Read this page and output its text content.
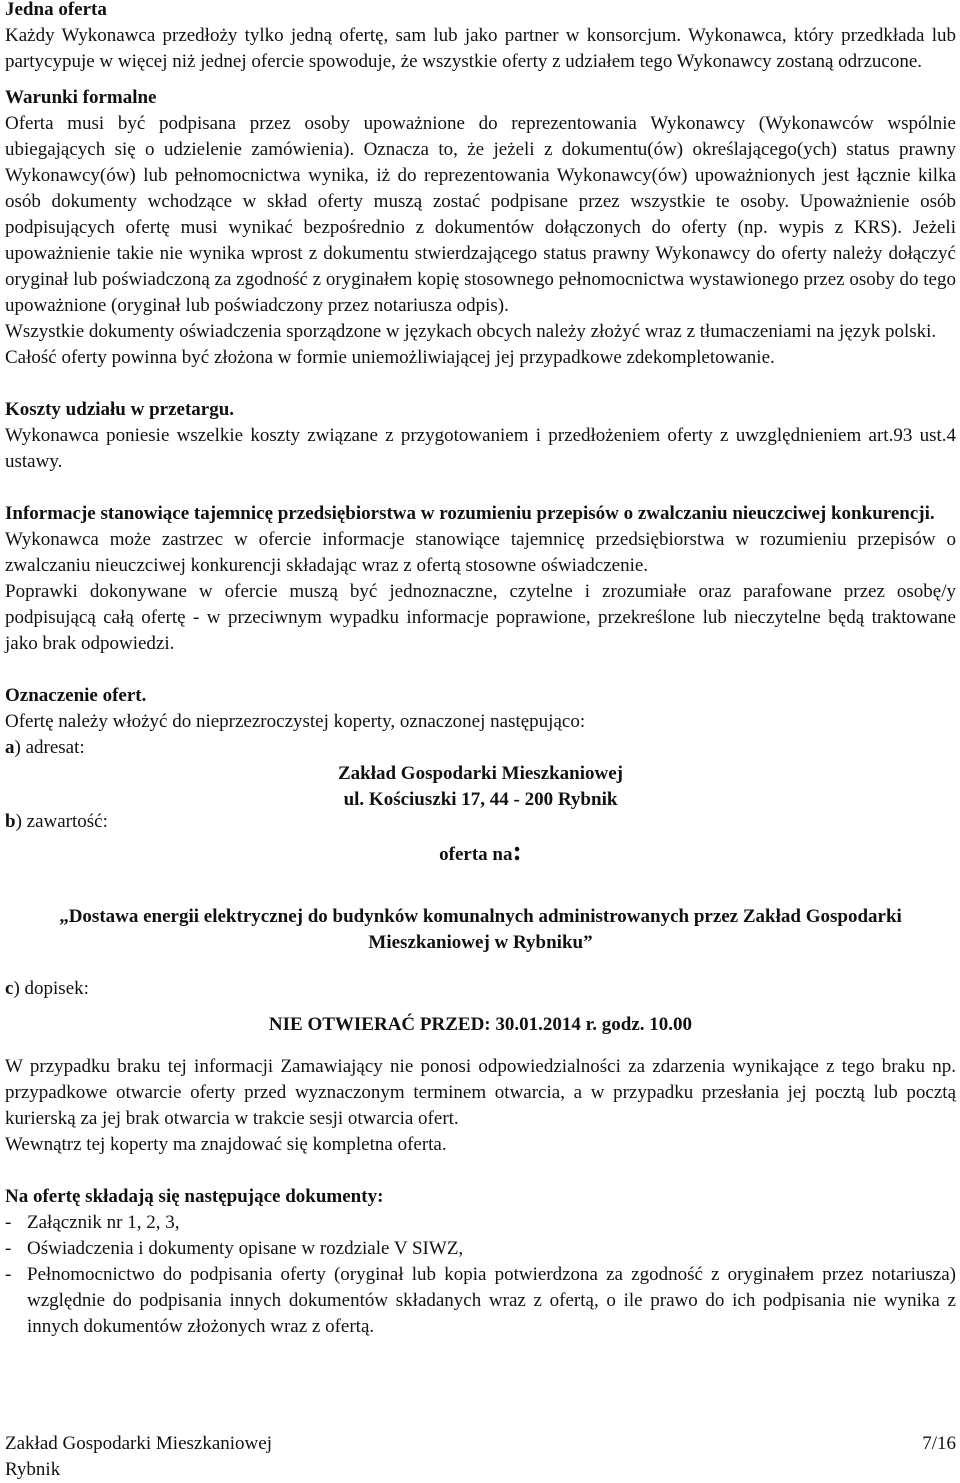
Jedna oferta

Każdy Wykonawca przedłoży tylko jedną ofertę, sam lub jako partner w konsorcjum. Wykonawca, który przedkłada lub partycypuje w więcej niż jednej ofercie spowoduje, że wszystkie oferty z udziałem tego Wykonawcy zostaną odrzucone.

Warunki formalne

Oferta musi być podpisana przez osoby upoważnione do reprezentowania Wykonawcy (Wykonawców wspólnie ubiegających się o udzielenie zamówienia). Oznacza to, że jeżeli z dokumentu(ów) określającego(ych) status prawny Wykonawcy(ów) lub pełnomocnictwa wynika, iż do reprezentowania Wykonawcy(ów) upoważnionych jest łącznie kilka osób dokumenty wchodzące w skład oferty muszą zostać podpisane przez wszystkie te osoby. Upoważnienie osób podpisujących ofertę musi wynikać bezpośrednio z dokumentów dołączonych do oferty (np. wypis z KRS). Jeżeli upoważnienie takie nie wynika wprost z dokumentu stwierdzającego status prawny Wykonawcy do oferty należy dołączyć oryginał lub poświadczoną za zgodność z oryginałem kopię stosownego pełnomocnictwa wystawionego przez osoby do tego upoważnione (oryginał lub poświadczony przez notariusza odpis).

Wszystkie dokumenty oświadczenia sporządzone w językach obcych należy złożyć wraz z tłumaczeniami na język polski.

Całość oferty powinna być złożona w formie uniemożliwiającej jej przypadkowe zdekompletowanie.

Koszty udziału w przetargu.

Wykonawca poniesie wszelkie koszty związane z przygotowaniem i przedłożeniem oferty z uwzględnieniem art.93 ust.4 ustawy.

Informacje stanowiące tajemnicę przedsiębiorstwa w rozumieniu przepisów o zwalczaniu nieuczciwej konkurencji.

Wykonawca może zastrzec w ofercie informacje stanowiące tajemnicę przedsiębiorstwa w rozumieniu przepisów o zwalczaniu nieuczciwej konkurencji składając wraz z ofertą stosowne oświadczenie.

Poprawki dokonywane w ofercie muszą być jednoznaczne, czytelne i zrozumiałe oraz parafowane przez osobę/y podpisującą całą ofertę - w przeciwnym wypadku informacje poprawione, przekreślone lub nieczytelne będą traktowane jako brak odpowiedzi.

Oznaczenie ofert.

Ofertę należy włożyć do nieprzezroczystej koperty, oznaczonej następująco:

a) adresat:

Zakład Gospodarki Mieszkaniowej
ul. Kościuszki 17, 44 - 200 Rybnik

b) zawartość:

oferta na:

„Dostawa energii elektrycznej do budynków komunalnych administrowanych przez Zakład Gospodarki Mieszkaniowej w Rybniku”

c) dopisek:

NIE OTWIERAĆ PRZED: 30.01.2014 r. godz. 10.00

W przypadku braku tej informacji Zamawiający nie ponosi odpowiedzialności za zdarzenia wynikające z tego braku np. przypadkowe otwarcie oferty przed wyznaczonym terminem otwarcia, a w przypadku przesłania jej pocztą lub pocztą kurierską za jej brak otwarcia w trakcie sesji otwarcia ofert.

Wewnątrz tej koperty ma znajdować się kompletna oferta.

Na ofertę składają się następujące dokumenty:

- Załącznik nr 1, 2, 3,
- Oświadczenia i dokumenty opisane w rozdziale V SIWZ,
- Pełnomocnictwo do podpisania oferty (oryginał lub kopia potwierdzona za zgodność z oryginałem przez notariusza) względnie do podpisania innych dokumentów składanych wraz z ofertą, o ile prawo do ich podpisania nie wynika z innych dokumentów złożonych wraz z ofertą.
Zakład Gospodarki Mieszkaniowej
Rybnik
7/16
